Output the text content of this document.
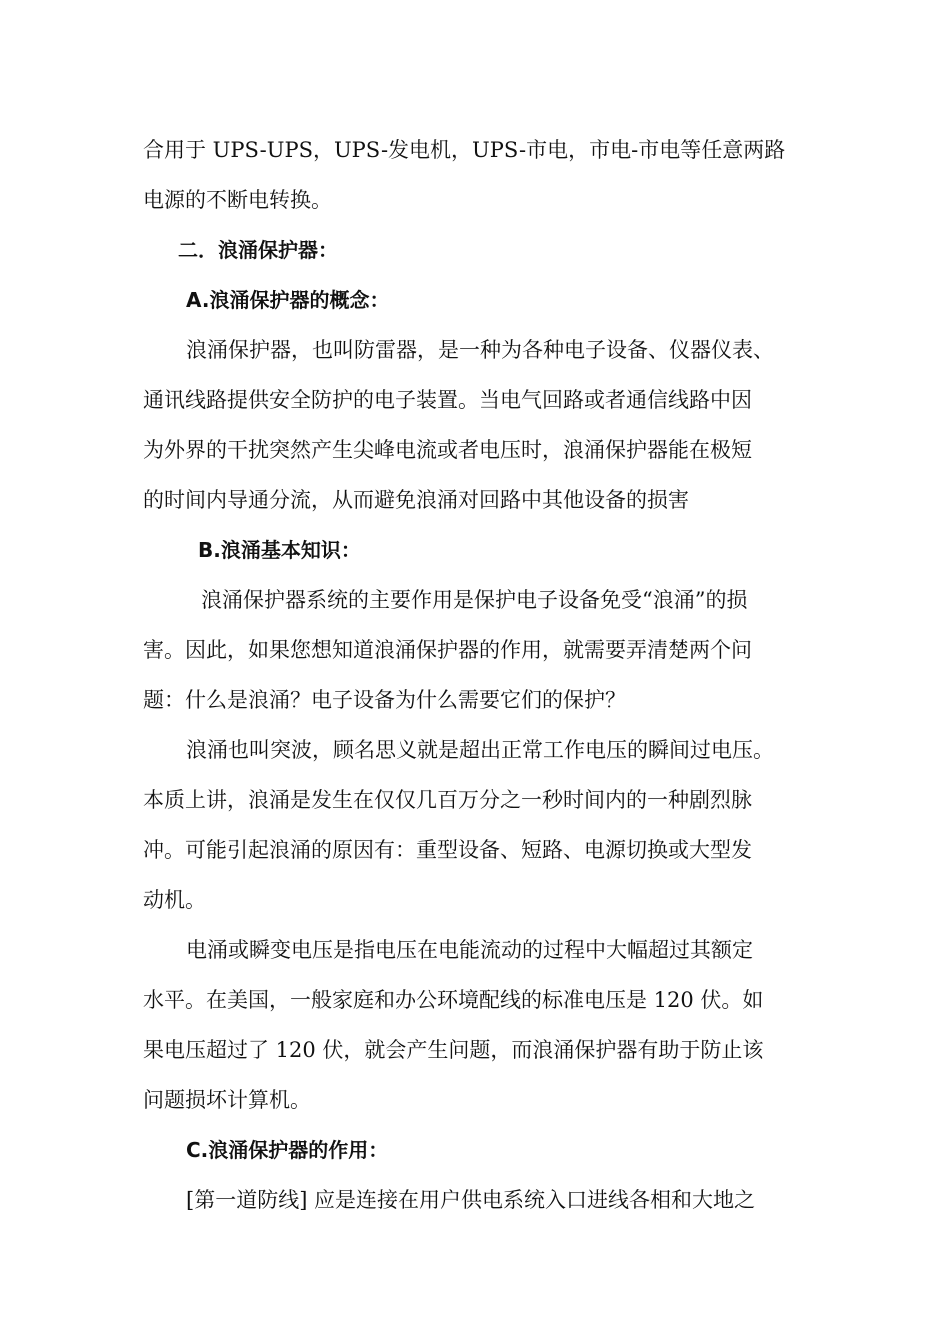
合用于 UPS-UPS，UPS-发电机，UPS-市电，市电-市电等任意两路

电源的不断电转换。

二．浪涌保护器：

A.浪涌保护器的概念：

浪涌保护器，也叫防雷器，是一种为各种电子设备、仪器仪表、

通讯线路提供安全防护的电子装置。当电气回路或者通信线路中因

为外界的干扰突然产生尖峰电流或者电压时，浪涌保护器能在极短

的时间内导通分流，从而避免浪涌对回路中其他设备的损害

B.浪涌基本知识：

浪涌保护器系统的主要作用是保护电子设备免受“浪涌”的损

害。因此，如果您想知道浪涌保护器的作用，就需要弄清楚两个问

题：什么是浪涌？电子设备为什么需要它们的保护？

浪涌也叫突波，顾名思义就是超出正常工作电压的瞬间过电压。

本质上讲，浪涌是发生在仅仅几百万分之一秒时间内的一种剧烈脉

冲。可能引起浪涌的原因有：重型设备、短路、电源切换或大型发

动机。

电涌或瞬变电压是指电压在电能流动的过程中大幅超过其额定

水平。在美国，一般家庭和办公环境配线的标准电压是 120 伏。如

果电压超过了 120 伏，就会产生问题，而浪涌保护器有助于防止该

问题损坏计算机。

C.浪涌保护器的作用：

[第一道防线] 应是连接在用户供电系统入口进线各相和大地之
